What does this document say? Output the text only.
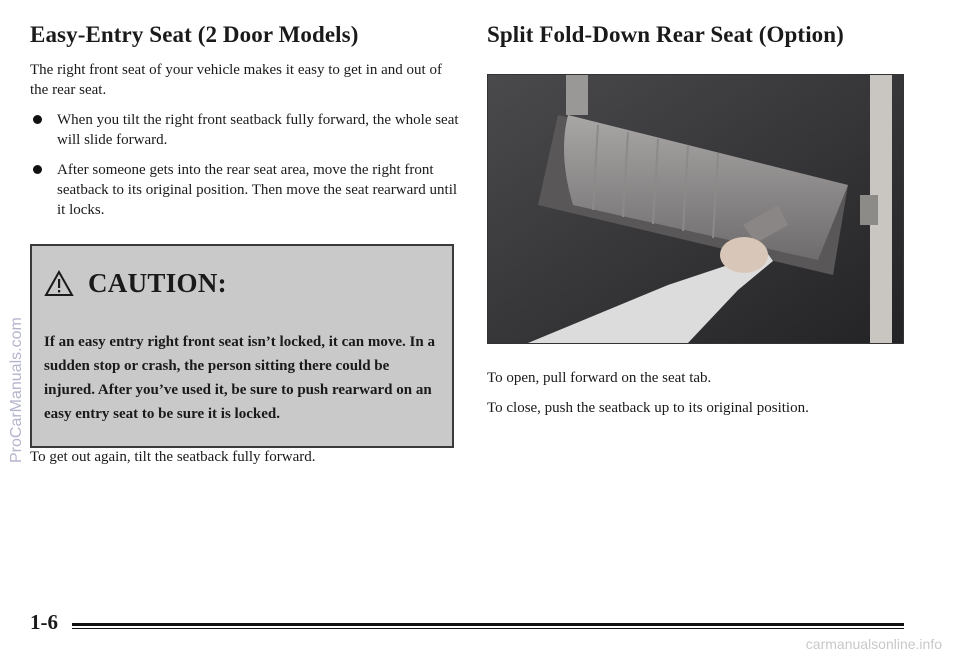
Easy-Entry Seat (2 Door Models)

The right front seat of your vehicle makes it easy to get in and out of the rear seat.

When you tilt the right front seatback fully forward, the whole seat will slide forward.
After someone gets into the rear seat area, move the right front seatback to its original position. Then move the seat rearward until it locks.
CAUTION:

If an easy entry right front seat isn’t locked, it can move. In a sudden stop or crash, the person sitting there could be injured. After you’ve used it, be sure to push rearward on an easy entry seat to be sure it is locked.

To get out again, tilt the seatback fully forward.

Split Fold-Down Rear Seat (Option)

To open, pull forward on the seat tab.

To close, push the seatback up to its original position.

1-6
ProCarManuals.com
carmanualsonline.info
